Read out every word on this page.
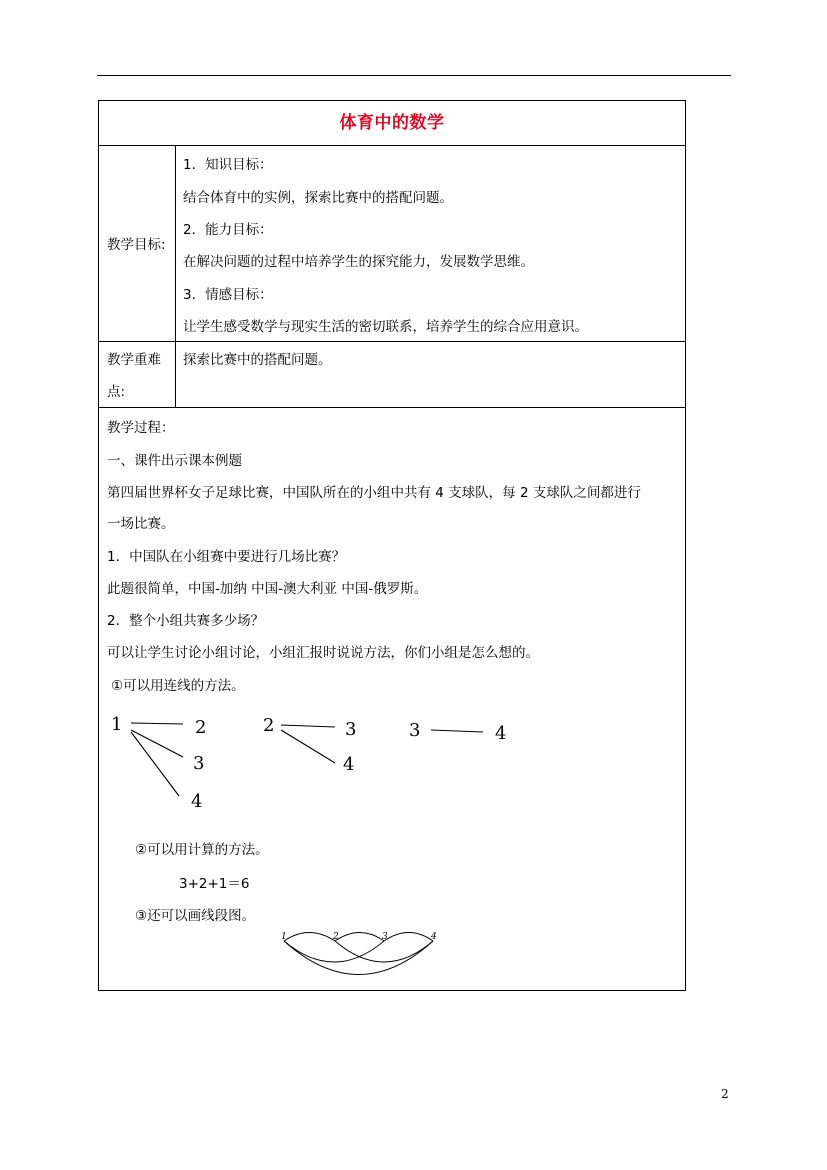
体育中的数学
教学目标:
1．知识目标：
结合体育中的实例，探索比赛中的搭配问题。
2．能力目标：
在解决问题的过程中培养学生的探究能力，发展数学思维。
3．情感目标：
让学生感受数学与现实生活的密切联系，培养学生的综合应用意识。
教学重难
点:
探索比赛中的搭配问题。
教学过程：
一、课件出示课本例题
第四届世界杯女子足球比赛，中国队所在的小组中共有 4 支球队，每 2 支球队之间都进行
一场比赛。
1．中国队在小组赛中要进行几场比赛？
此题很简单，中国-加纳 中国-澳大利亚 中国-俄罗斯。
2．整个小组共赛多少场？
可以让学生讨论小组讨论，小组汇报时说说方法，你们小组是怎么想的。
①可以用连线的方法。
1	2
3
4
2	3
4
3	4
②可以用计算的方法。
3+2+1＝6
③还可以画线段图。
1	2	3	4
2
